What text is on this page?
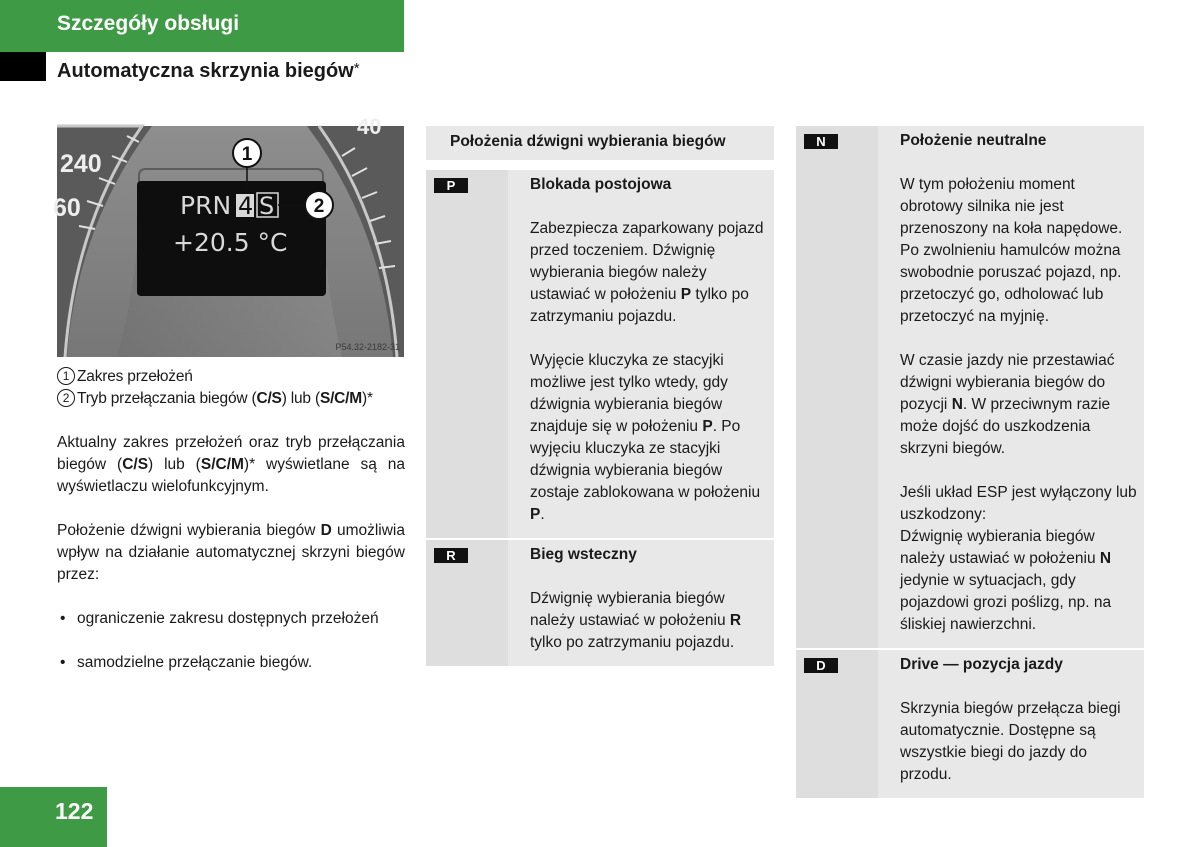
Szczegóły obsługi
Automatyczna skrzynia biegów*
240
60
40
PRN 4 S
+20.5 °C
1
2
P54.32-2182-31
1 Zakres przełożeń
2 Tryb przełączania biegów (C/S) lub (S/C/M)*
Aktualny zakres przełożeń oraz tryb przełączania biegów (C/S) lub (S/C/M)* wyświetlane są na wyświetlaczu wielofunkcyjnym.
Położenie dźwigni wybierania biegów D umożliwia wpływ na działanie automatycznej skrzyni biegów przez:
• ograniczenie zakresu dostępnych przełożeń
• samodzielne przełączanie biegów.
Położenia dźwigni wybierania biegów
P	Blokada postojowa

Zabezpiecza zaparkowany pojazd przed toczeniem. Dźwignię wybierania biegów należy ustawiać w położeniu P tylko po zatrzymaniu pojazdu.

Wyjęcie kluczyka ze stacyjki możliwe jest tylko wtedy, gdy dźwignia wybierania biegów znajduje się w położeniu P. Po wyjęciu kluczyka ze stacyjki dźwignia wybierania biegów zostaje zablokowana w położeniu P.

R	Bieg wsteczny

Dźwignię wybierania biegów należy ustawiać w położeniu R tylko po zatrzymaniu pojazdu.

N	Położenie neutralne

W tym położeniu moment obrotowy silnika nie jest przenoszony na koła napędowe. Po zwolnieniu hamulców można swobodnie poruszać pojazd, np. przetoczyć go, odholować lub przetoczyć na myjnię.

W czasie jazdy nie przestawiać dźwigni wybierania biegów do pozycji N. W przeciwnym razie może dojść do uszkodzenia skrzyni biegów.

Jeśli układ ESP jest wyłączony lub uszkodzony:
Dźwignię wybierania biegów należy ustawiać w położeniu N jedynie w sytuacjach, gdy pojazdowi grozi poślizg, np. na śliskiej nawierzchni.

D	Drive — pozycja jazdy

Skrzynia biegów przełącza biegi automatycznie. Dostępne są wszystkie biegi do jazdy do przodu.

122
